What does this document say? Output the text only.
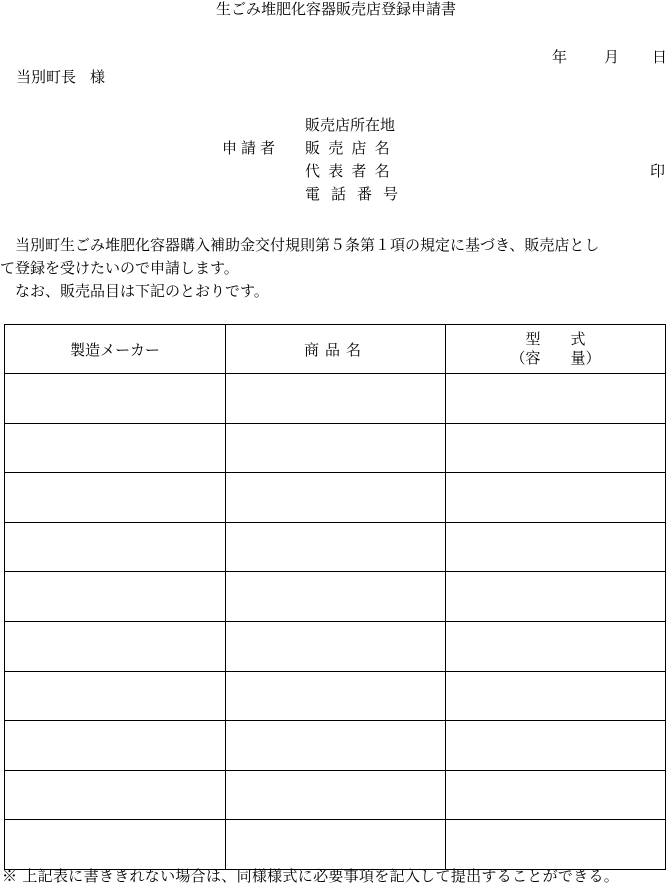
生ごみ堆肥化容器販売店登録申請書
年 月 日
当別町長 様
申請者
販売店所在地
販売店名
代表者名
電話番号
印

　当別町生ごみ堆肥化容器購入補助金交付規則第５条第１項の規定に基づき、販売店とし

て登録を受けたいので申請します。

　なお、販売品目は下記のとおりです。

製造メーカー	商品名	型　　式
（容　　量）

※ 上記表に書ききれない場合は、同様様式に必要事項を記入して提出することができる。
